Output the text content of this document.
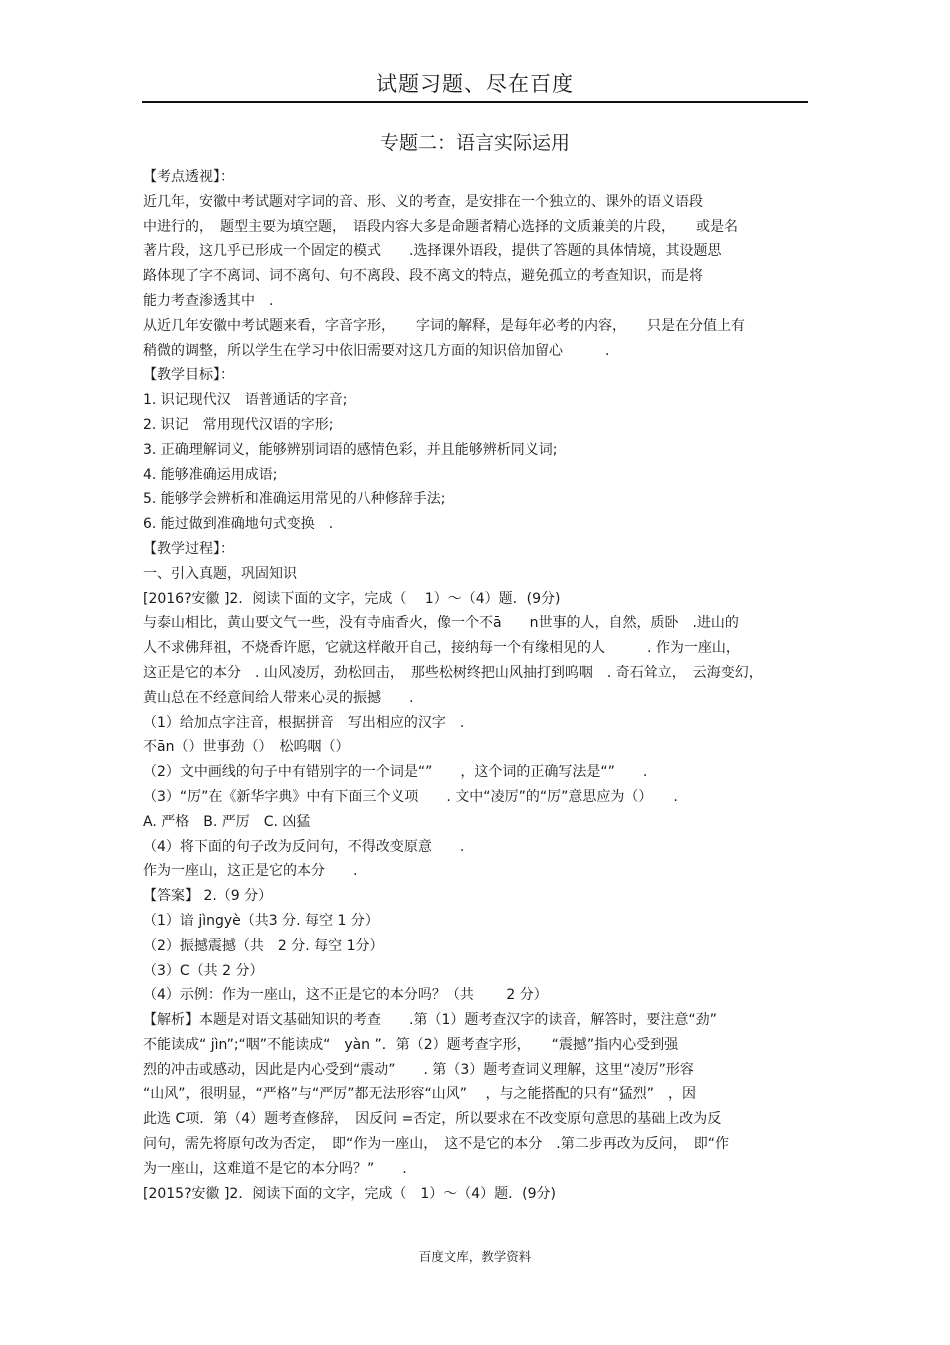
试题习题、尽在百度
专题二：语言实际运用
【考点透视】：
近几年，安徽中考试题对字词的音、形、义的考查，是安排在一个独立的、课外的语义语段
中进行的，　题型主要为填空题，　语段内容大多是命题者精心选择的文质兼美的片段，　　或是名
著片段，这几乎已形成一个固定的模式　　.选择课外语段，提供了答题的具体情境，其设题思
路体现了字不离词、词不离句、句不离段、段不离文的特点，避免孤立的考查知识，而是将
能力考查渗透其中　.
从近几年安徽中考试题来看，字音字形，　　字词的解释，是每年必考的内容，　　只是在分值上有
稍微的调整，所以学生在学习中依旧需要对这几方面的知识倍加留心　　　.
【教学目标】：
1. 识记现代汉　语普通话的字音;
2. 识记　常用现代汉语的字形;
3. 正确理解词义，能够辨别词语的感情色彩，并且能够辨析同义词;
4. 能够准确运用成语;
5. 能够学会辨析和准确运用常见的八种修辞手法;
6. 能过做到准确地句式变换　.
【教学过程】：
一、引入真题，巩固知识
[2016?安徽 ]2．阅读下面的文字，完成（　 1）～（4）题．(9分)
与泰山相比，黄山要文气一些，没有寺庙香火，像一个不ā　　n世事的人，自然，质卧　.进山的
人不求佛拜祖，不烧香许愿，它就这样敞开自己，接纳每一个有缘相见的人　　　. 作为一座山，
这正是它的本分　. 山风凌厉，劲松回击，　那些松树终把山风抽打到呜咽　. 奇石耸立，　云海变幻，
黄山总在不经意间给人带来心灵的振撼　　.
（1）给加点字注音，根据拼音　写出相应的汉字　.
不ān（）世事劲（）　松呜咽（）
（2）文中画线的句子中有错别字的一个词是“”　　，这个词的正确写法是“”　　.
（3）“厉”在《新华字典》中有下面三个义项　　. 文中“凌厉”的“厉”意思应为（）　　.
A. 严格　B. 严厉　C. 凶猛
（4）将下面的句子改为反问句，不得改变原意　　.
作为一座山，这正是它的本分　　.
【答案】 2.（9 分）
（1）谙 jìngyè（共3 分. 每空 1 分）
（2）振撼震撼（共　2 分. 每空 1分）
（3）C（共 2 分）
（4）示例：作为一座山，这不正是它的本分吗？（共　　 2 分）
【解析】本题是对语文基础知识的考查　　.第（1）题考查汉字的读音，解答时，要注意“劲”
不能读成“ jìn”;“咽”不能读成“　yàn ”．第（2）题考查字形，　　“震撼”指内心受到强
烈的冲击或感动，因此是内心受到“震动”　　. 第（3）题考查词义理解，这里“凌厉”形容
“山风”，很明显，“严格”与“严厉”都无法形容“山风”　 ，与之能搭配的只有“猛烈”　，因
此选 C项．第（4）题考查修辞，　因反问 =否定，所以要求在不改变原句意思的基础上改为反
问句，需先将原句改为否定，　即“作为一座山，　这不是它的本分　.第二步再改为反问，　即“作
为一座山，这难道不是它的本分吗？”　　.
[2015?安徽 ]2．阅读下面的文字，完成（　1）～（4）题．(9分)
百度文库，教学资料
